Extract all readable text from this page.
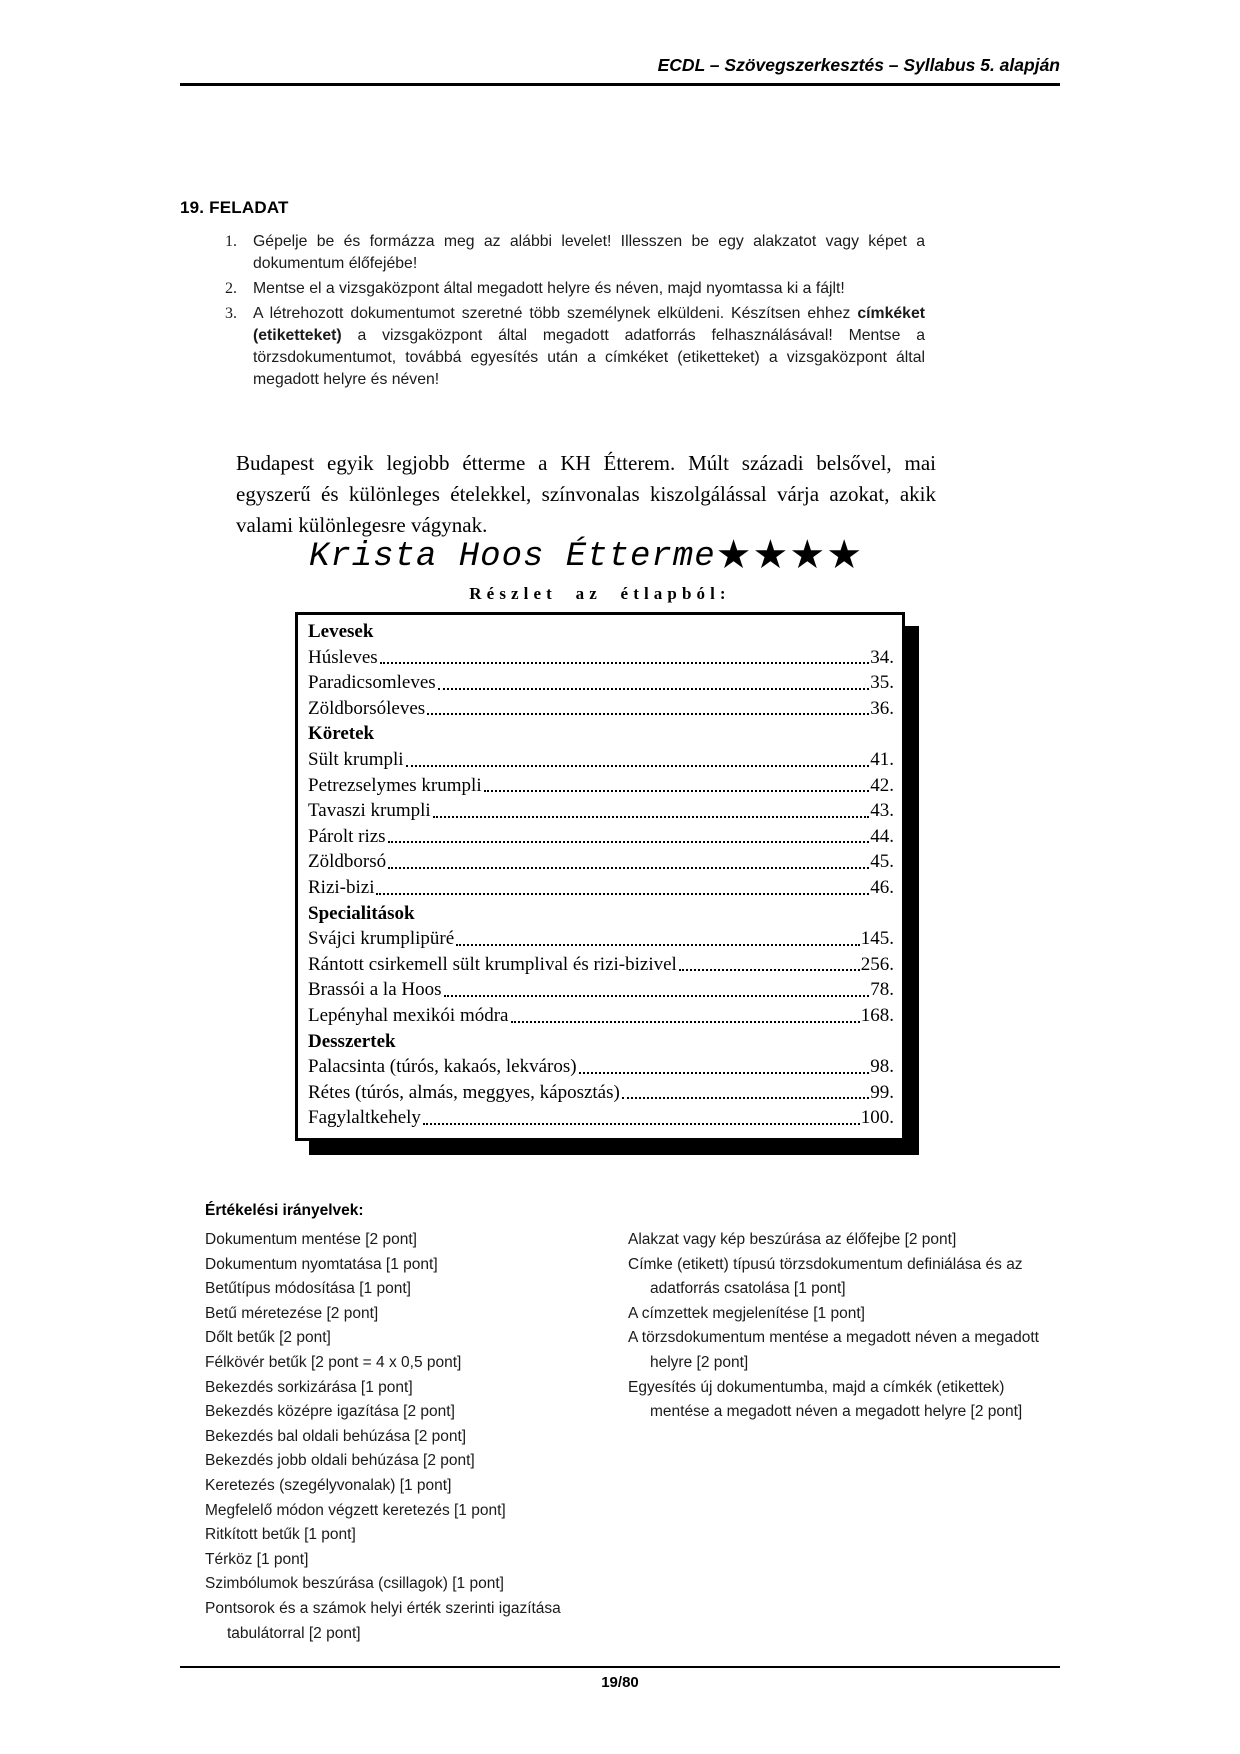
ECDL – Szövegszerkesztés – Syllabus 5. alapján
19. FELADAT
1.	Gépelje be és formázza meg az alábbi levelet! Illesszen be egy alakzatot vagy képet a dokumentum élőfejébe!
2.	Mentse el a vizsgaközpont által megadott helyre és néven, majd nyomtassa ki a fájlt!
3.	A létrehozott dokumentumot szeretné több személynek elküldeni. Készítsen ehhez címkéket (etiketteket) a vizsgaközpont által megadott adatforrás felhasználásával! Mentse a törzsdokumentumot, továbbá egyesítés után a címkéket (etiketteket) a vizsgaközpont által megadott helyre és néven!
Budapest egyik legjobb étterme a KH Étterem. Múlt századi belsővel, mai egyszerű és különleges ételekkel, színvonalas kiszolgálással várja azokat, akik valami különlegesre vágynak.
Krista Hoos Étterme★★★★
Részlet az étlapból:
Levesek
Húsleves	34.
Paradicsomleves	35.
Zöldborsóleves	36.
Köretek
Sült krumpli	41.
Petrezselymes krumpli	42.
Tavaszi krumpli	43.
Párolt rizs	44.
Zöldborsó	45.
Rizi-bizi	46.
Specialitások
Svájci krumplipüré	145.
Rántott csirkemell sült krumplival és rizi-bizivel	256.
Brassói a la Hoos	78.
Lepényhal mexikói módra	168.
Desszertek
Palacsinta (túrós, kakaós, lekváros)	98.
Rétes (túrós, almás, meggyes, káposztás)	99.
Fagylaltkehely	100.
– 3 –
Értékelési irányelvek:
Dokumentum mentése [2 pont]
Dokumentum nyomtatása [1 pont]
Betűtípus módosítása [1 pont]
Betű méretezése [2 pont]
Dőlt betűk [2 pont]
Félkövér betűk [2 pont = 4 x 0,5 pont]
Bekezdés sorkizárása [1 pont]
Bekezdés középre igazítása [2 pont]
Bekezdés bal oldali behúzása [2 pont]
Bekezdés jobb oldali behúzása [2 pont]
Keretezés (szegélyvonalak) [1 pont]
Megfelelő módon végzett keretezés [1 pont]
Ritkított betűk [1 pont]
Térköz [1 pont]
Szimbólumok beszúrása (csillagok) [1 pont]
Pontsorok és a számok helyi érték szerinti igazítása
tabulátorral [2 pont]
Alakzat vagy kép beszúrása az élőfejbe [2 pont]
Címke (etikett) típusú törzsdokumentum definiálása és az
adatforrás csatolása [1 pont]
A címzettek megjelenítése [1 pont]
A törzsdokumentum mentése a megadott néven a megadott
helyre [2 pont]
Egyesítés új dokumentumba, majd a címkék (etikettek)
mentése a megadott néven a megadott helyre [2 pont]
19/80
